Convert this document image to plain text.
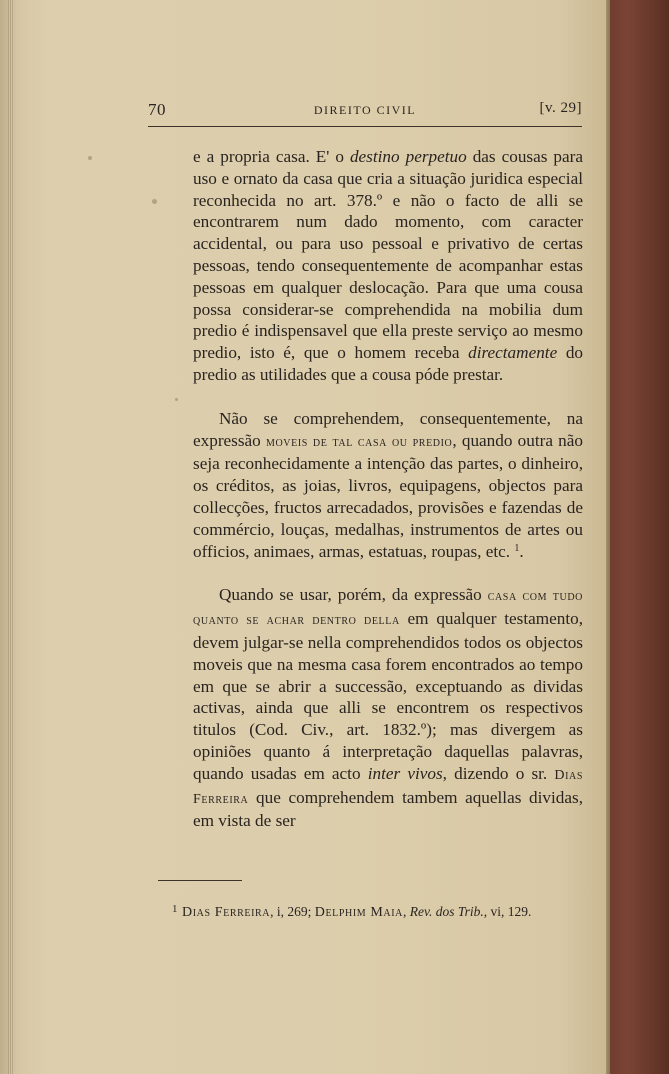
70	DIREITO CIVIL	[v. 29]

e a propria casa. E' o destino perpetuo das cousas para uso e ornato da casa que cria a situação juridica especial reconhecida no art. 378.º e não o facto de alli se encontrarem num dado momento, com caracter accidental, ou para uso pessoal e privativo de certas pessoas, tendo consequentemente de acompanhar estas pessoas em qualquer deslocação. Para que uma cousa possa considerar-se comprehendida na mobilia dum predio é indispensavel que ella preste serviço ao mesmo predio, isto é, que o homem receba directamente do predio as utilidades que a cousa póde prestar.

Não se comprehendem, consequentemente, na expressão moveis de tal casa ou predio, quando outra não seja reconhecidamente a intenção das partes, o dinheiro, os créditos, as joias, livros, equipagens, objectos para collecções, fructos arrecadados, provisões e fazendas de commércio, louças, medalhas, instrumentos de artes ou officios, animaes, armas, estatuas, roupas, etc. $^1$.

Quando se usar, porém, da expressão casa com tudo quanto se achar dentro della em qualquer testamento, devem julgar-se nella comprehendidos todos os objectos moveis que na mesma casa forem encontrados ao tempo em que se abrir a successão, exceptuando as dividas activas, ainda que alli se encontrem os respectivos titulos (Cod. Civ., art. 1832.º); mas divergem as opiniões quanto á interpretação daquellas palavras, quando usadas em acto inter vivos, dizendo o sr. Dias Ferreira que comprehendem tambem aquellas dividas, em vista de ser

1 Dias Ferreira, i, 269; Delphim Maia, Rev. dos Trib., vi, 129.
